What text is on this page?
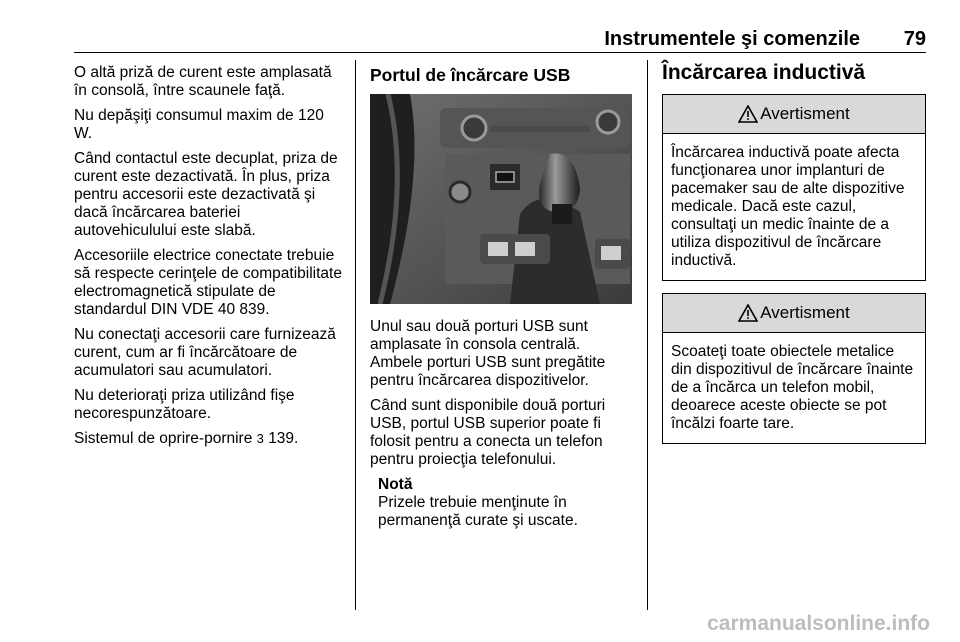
Instrumentele şi comenzile	79

O altă priză de curent este amplasată în consolă, între scaunele faţă.

Nu depăşiţi consumul maxim de 120 W.

Când contactul este decuplat, priza de curent este dezactivată. În plus, priza pentru accesorii este dezactivată şi dacă încărcarea bateriei autovehiculului este slabă.

Accesoriile electrice conectate trebuie să respecte cerinţele de compatibilitate electromagnetică stipulate de standardul DIN VDE 40 839.

Nu conectaţi accesorii care furnizează curent, cum ar fi încărcătoare de acumulatori sau acumulatori.

Nu deterioraţi priza utilizând fişe necorespunzătoare.

Sistemul de oprire-pornire 3 139.

Portul de încărcare USB

Unul sau două porturi USB sunt amplasate în consola centrală. Ambele porturi USB sunt pregătite pentru încărcarea dispozitivelor.

Când sunt disponibile două porturi USB, portul USB superior poate fi folosit pentru a conecta un telefon pentru proiecţia telefonului.

Notă
Prizele trebuie menţinute în permanenţă curate şi uscate.
Încărcarea inductivă
Avertisment
Încărcarea inductivă poate afecta funcţionarea unor implanturi de pacemaker sau de alte dispozitive medicale. Dacă este cazul, consultaţi un medic înainte de a utiliza dispozitivul de încărcare inductivă.
Avertisment
Scoateţi toate obiectele metalice din dispozitivul de încărcare înainte de a încărca un telefon mobil, deoarece aceste obiecte se pot încălzi foarte tare.
carmanualsonline.info
